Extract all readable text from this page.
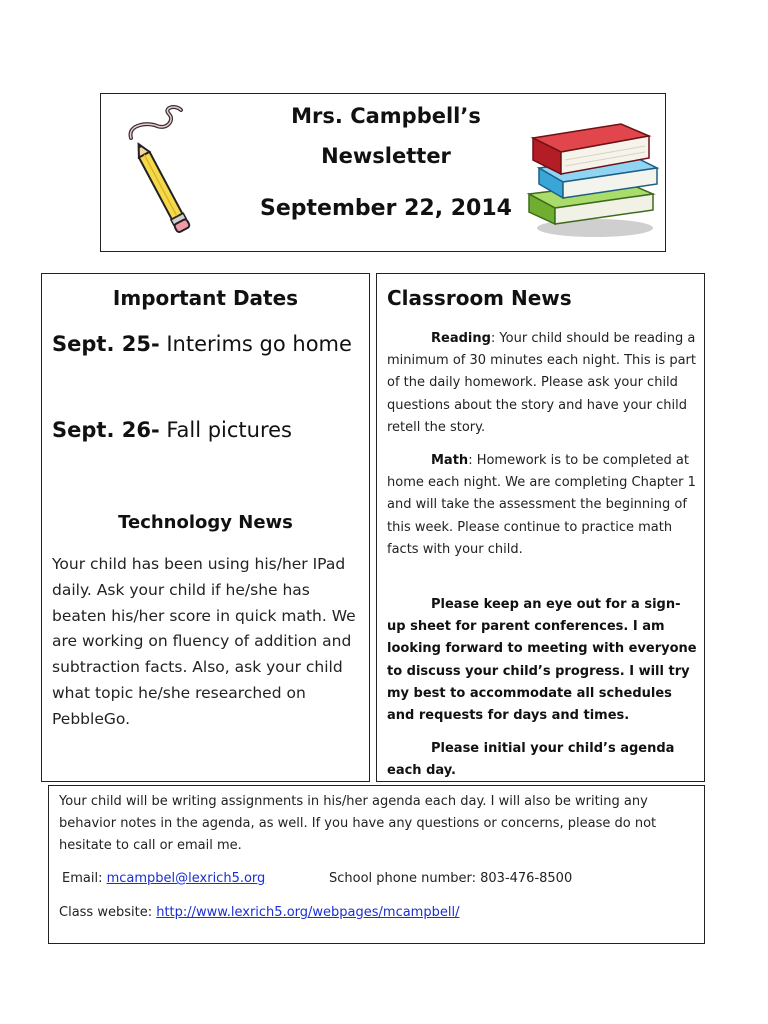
Mrs. Campbell’s
Newsletter
September 22, 2014
Important Dates
Sept. 25- Interims go home
Sept. 26- Fall pictures
Technology News
Your child has been using his/her IPad daily. Ask your child if he/she has beaten his/her score in quick math. We are working on fluency of addition and subtraction facts. Also, ask your child what topic he/she researched on PebbleGo.
Classroom News
Reading: Your child should be reading a minimum of 30 minutes each night. This is part of the daily homework. Please ask your child questions about the story and have your child retell the story.
Math: Homework is to be completed at home each night. We are completing Chapter 1 and will take the assessment the beginning of this week. Please continue to practice math facts with your child.
Please keep an eye out for a sign-up sheet for parent conferences. I am looking forward to meeting with everyone to discuss your child’s progress. I will try my best to accommodate all schedules and requests for days and times.
Please initial your child’s agenda each day.
Your child will be writing assignments in his/her agenda each day. I will also be writing any behavior notes in the agenda, as well. If you have any questions or concerns, please do not hesitate to call or email me.
Email: mcampbel@lexrich5.org	School phone number: 803-476-8500
Class website: http://www.lexrich5.org/webpages/mcampbell/
